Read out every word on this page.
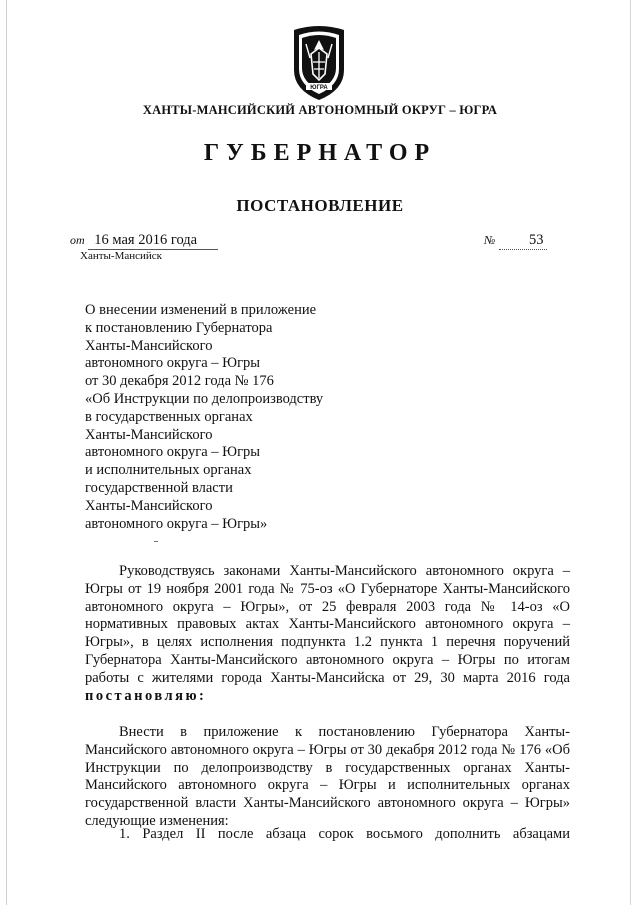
ЮГРА
ХАНТЫ-МАНСИЙСКИЙ АВТОНОМНЫЙ ОКРУГ – ЮГРА
ГУБЕРНАТОР
ПОСТАНОВЛЕНИЕ
от 16 мая 2016 года	№ 53
Ханты-Мансийск
О внесении изменений в приложение
к постановлению Губернатора
Ханты-Мансийского
автономного округа – Югры
от 30 декабря 2012 года № 176
«Об Инструкции по делопроизводству
в государственных органах
Ханты-Мансийского
автономного округа – Югры
и исполнительных органах
государственной власти
Ханты-Мансийского
автономного округа – Югры»
Руководствуясь законами Ханты-Мансийского автономного округа – Югры от 19 ноября 2001 года № 75-оз «О Губернаторе Ханты-Мансийского автономного округа – Югры», от 25 февраля 2003 года № 14-оз «О нормативных правовых актах Ханты-Мансийского автономного округа – Югры», в целях исполнения подпункта 1.2 пункта 1 перечня поручений Губернатора Ханты-Мансийского автономного округа – Югры по итогам работы с жителями города Ханты-Мансийска от 29, 30 марта 2016 года постановляю:
Внести в приложение к постановлению Губернатора Ханты-Мансийского автономного округа – Югры от 30 декабря 2012 года № 176 «Об Инструкции по делопроизводству в государственных органах Ханты-Мансийского автономного округа – Югры и исполнительных органах государственной власти Ханты-Мансийского автономного округа – Югры» следующие изменения:
1. Раздел II после абзаца сорок восьмого дополнить абзацами
